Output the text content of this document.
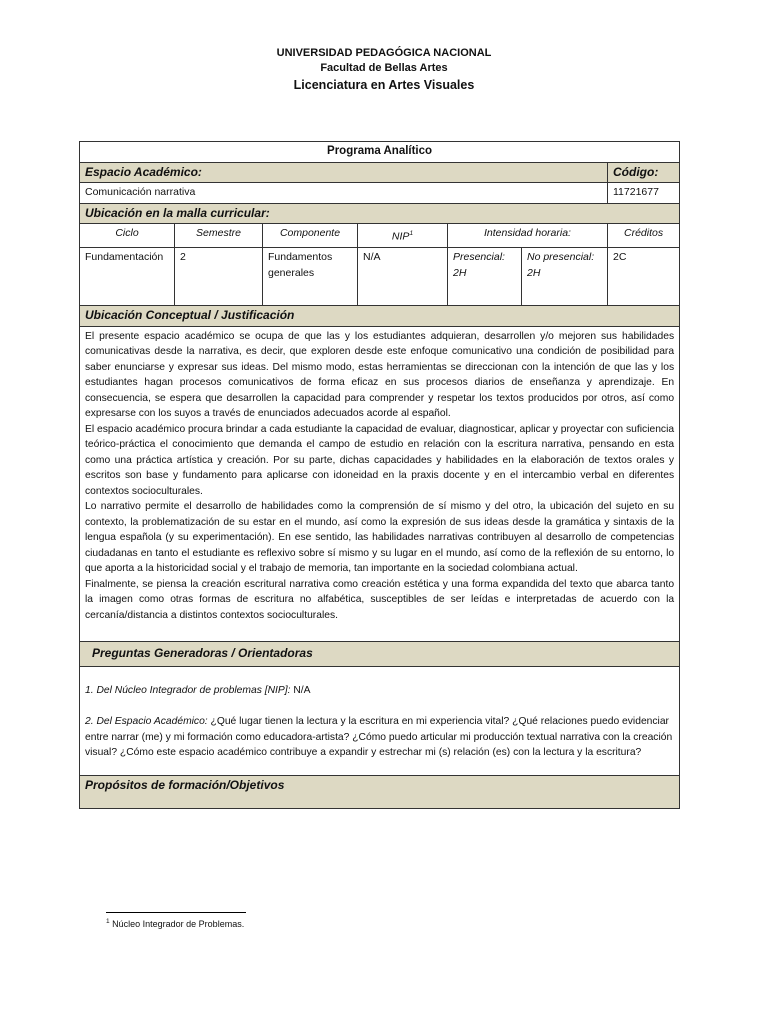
UNIVERSIDAD PEDAGÓGICA NACIONAL
Facultad de Bellas Artes
Licenciatura en Artes Visuales
Programa Analítico						
Espacio Académico:						Código:
Comunicación narrativa						11721677
Ubicación en la malla curricular:						
Ciclo	Semestre	Componente	NIP$^1$	Intensidad horaria:		Créditos
Fundamentación	2	Fundamentos generales	N/A	Presencial: 2H	No presencial: 2H	2C
Ubicación Conceptual / Justificación						

El presente espacio académico se ocupa de que las y los estudiantes adquieran, desarrollen y/o mejoren sus habilidades comunicativas desde la narrativa, es decir, que exploren desde este enfoque comunicativo una condición de posibilidad para saber enunciarse y expresar sus ideas. Del mismo modo, estas herramientas se direccionan con la intención de que las y los estudiantes hagan procesos comunicativos de forma eficaz en sus procesos diarios de enseñanza y aprendizaje. En consecuencia, se espera que desarrollen la capacidad para comprender y respetar los textos producidos por otros, así como expresarse con los suyos a través de enunciados adecuados acorde al español.

El espacio académico procura brindar a cada estudiante la capacidad de evaluar, diagnosticar, aplicar y proyectar con suficiencia teórico-práctica el conocimiento que demanda el campo de estudio en relación con la escritura narrativa, pensando en esta como una práctica artística y creación. Por su parte, dichas capacidades y habilidades en la elaboración de textos orales y escritos son base y fundamento para aplicarse con idoneidad en la praxis docente y en el intercambio verbal en diferentes contextos socioculturales.

Lo narrativo permite el desarrollo de habilidades como la comprensión de sí mismo y del otro, la ubicación del sujeto en su contexto, la problematización de su estar en el mundo, así como la expresión de sus ideas desde la gramática y sintaxis de la lengua española (y su experimentación). En ese sentido, las habilidades narrativas contribuyen al desarrollo de competencias ciudadanas en tanto el estudiante es reflexivo sobre sí mismo y su lugar en el mundo, así como de la reflexión de su entorno, lo que aporta a la historicidad social y el trabajo de memoria, tan importante en la sociedad colombiana actual.

Finalmente, se piensa la creación escritural narrativa como creación estética y una forma expandida del texto que abarca tanto la imagen como otras formas de escritura no alfabética, susceptibles de ser leídas e interpretadas de acuerdo con la cercanía/distancia a distintos contextos socioculturales.						

Preguntas Generadoras / Orientadoras						

1. Del Núcleo Integrador de problemas [NIP]: N/A

2. Del Espacio Académico: ¿Qué lugar tienen la lectura y la escritura en mi experiencia vital? ¿Qué relaciones puedo evidenciar entre narrar (me) y mi formación como educadora-artista? ¿Cómo puedo articular mi producción textual narrativa con la creación visual? ¿Cómo este espacio académico contribuye a expandir y estrechar mi (s) relación (es) con la lectura y la escritura?						

Propósitos de formación/Objetivos						
$^1$ Núcleo Integrador de Problemas.
